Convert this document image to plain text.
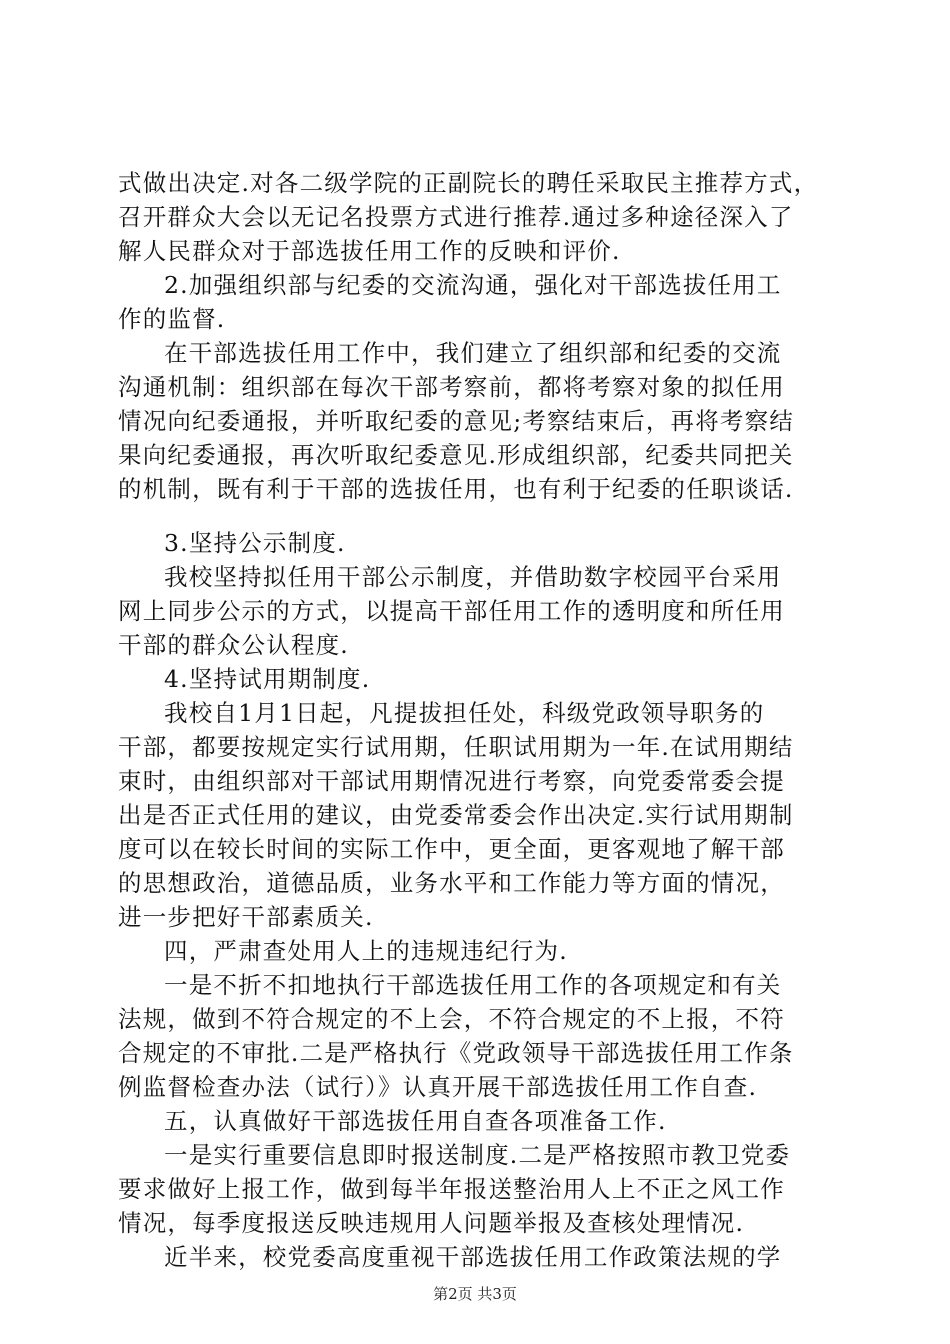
式做出决定.对各二级学院的正副院长的聘任采取民主推荐方式，
召开群众大会以无记名投票方式进行推荐.通过多种途径深入了
解人民群众对于部选拔任用工作的反映和评价.
2.加强组织部与纪委的交流沟通，强化对干部选拔任用工
作的监督.
在干部选拔任用工作中，我们建立了组织部和纪委的交流
沟通机制：组织部在每次干部考察前，都将考察对象的拟任用
情况向纪委通报，并听取纪委的意见;考察结束后，再将考察结
果向纪委通报，再次听取纪委意见.形成组织部，纪委共同把关
的机制，既有利于干部的选拔任用，也有利于纪委的任职谈话.
3.坚持公示制度.
我校坚持拟任用干部公示制度，并借助数字校园平台采用
网上同步公示的方式，以提高干部任用工作的透明度和所任用
干部的群众公认程度.
4.坚持试用期制度.
我校自1月1日起，凡提拔担任处，科级党政领导职务的
干部，都要按规定实行试用期，任职试用期为一年.在试用期结
束时，由组织部对干部试用期情况进行考察，向党委常委会提
出是否正式任用的建议，由党委常委会作出决定.实行试用期制
度可以在较长时间的实际工作中，更全面，更客观地了解干部
的思想政治，道德品质，业务水平和工作能力等方面的情况，
进一步把好干部素质关.
四，严肃查处用人上的违规违纪行为.
一是不折不扣地执行干部选拔任用工作的各项规定和有关
法规，做到不符合规定的不上会，不符合规定的不上报，不符
合规定的不审批.二是严格执行《党政领导干部选拔任用工作条
例监督检查办法（试行）》认真开展干部选拔任用工作自查.
五，认真做好干部选拔任用自查各项准备工作.
一是实行重要信息即时报送制度.二是严格按照市教卫党委
要求做好上报工作，做到每半年报送整治用人上不正之风工作
情况，每季度报送反映违规用人问题举报及查核处理情况.
第2页 共3页
近半来，校党委高度重视干部选拔任用工作政策法规的学
